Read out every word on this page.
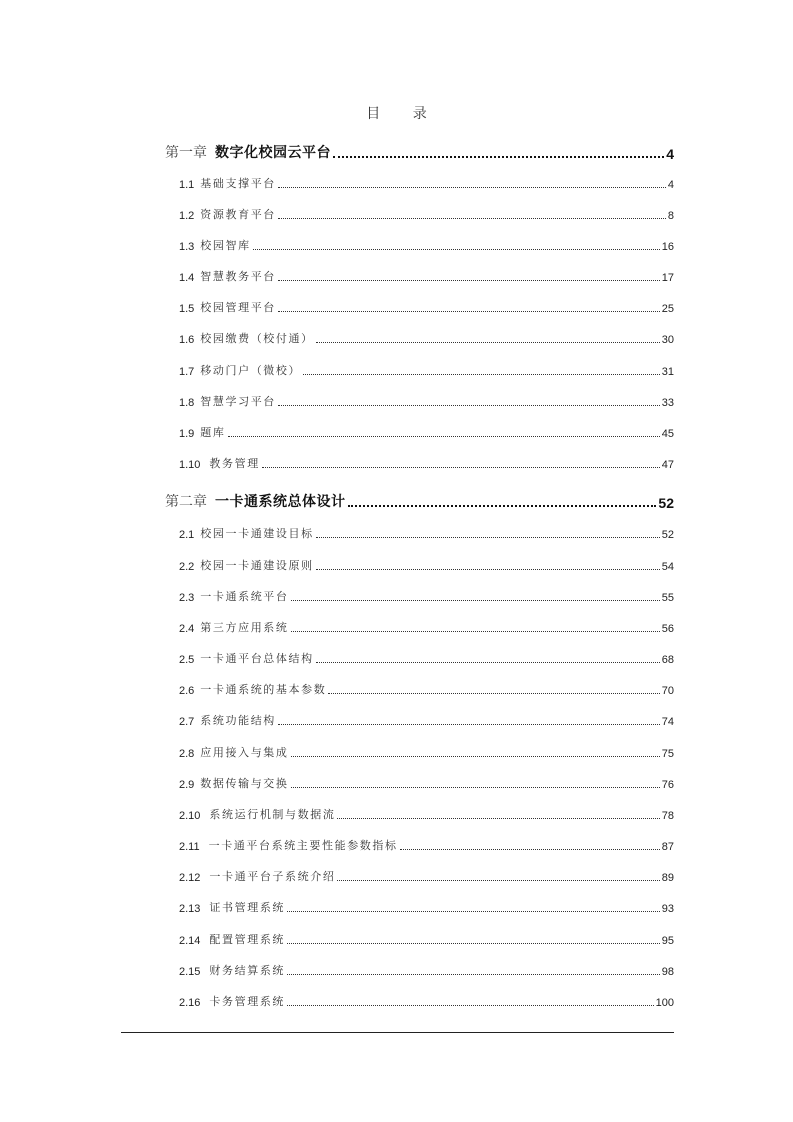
目 录
第一章 数字化校园云平台	4
1.1 基础支撑平台	4
1.2 资源教育平台	8
1.3 校园智库	16
1.4 智慧教务平台	17
1.5 校园管理平台	25
1.6 校园缴费（校付通）	30
1.7 移动门户（微校）	31
1.8 智慧学习平台	33
1.9 题库	45
1.10 教务管理	47
第二章 一卡通系统总体设计	52
2.1 校园一卡通建设目标	52
2.2 校园一卡通建设原则	54
2.3 一卡通系统平台	55
2.4 第三方应用系统	56
2.5 一卡通平台总体结构	68
2.6 一卡通系统的基本参数	70
2.7 系统功能结构	74
2.8 应用接入与集成	75
2.9 数据传输与交换	76
2.10 系统运行机制与数据流	78
2.11 一卡通平台系统主要性能参数指标	87
2.12 一卡通平台子系统介绍	89
2.13 证书管理系统	93
2.14 配置管理系统	95
2.15 财务结算系统	98
2.16 卡务管理系统	100
